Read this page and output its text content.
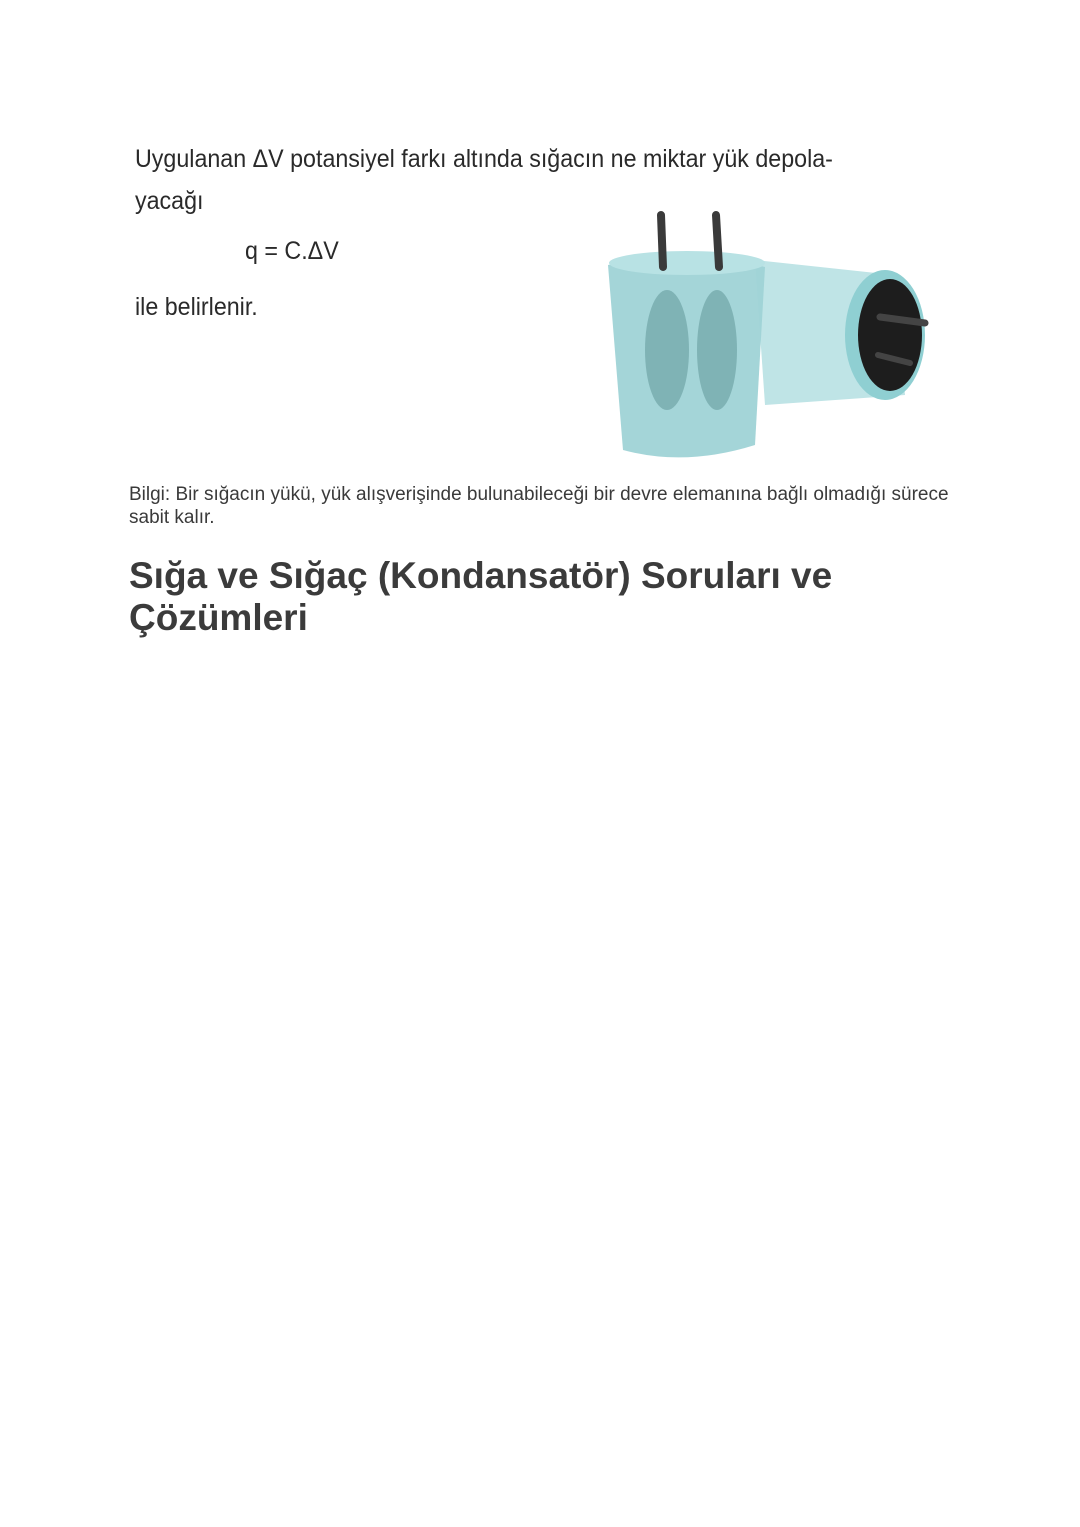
Uygulanan ΔV potansiyel farkı altında sığacın ne miktar yük depola-
yacağı
q = C.ΔV
ile belirlenir.
Bilgi: Bir sığacın yükü, yük alışverişinde bulunabileceği bir devre elemanına bağlı olmadığı sürece sabit kalır.
Sığa ve Sığaç (Kondansatör) Soruları ve Çözümleri
